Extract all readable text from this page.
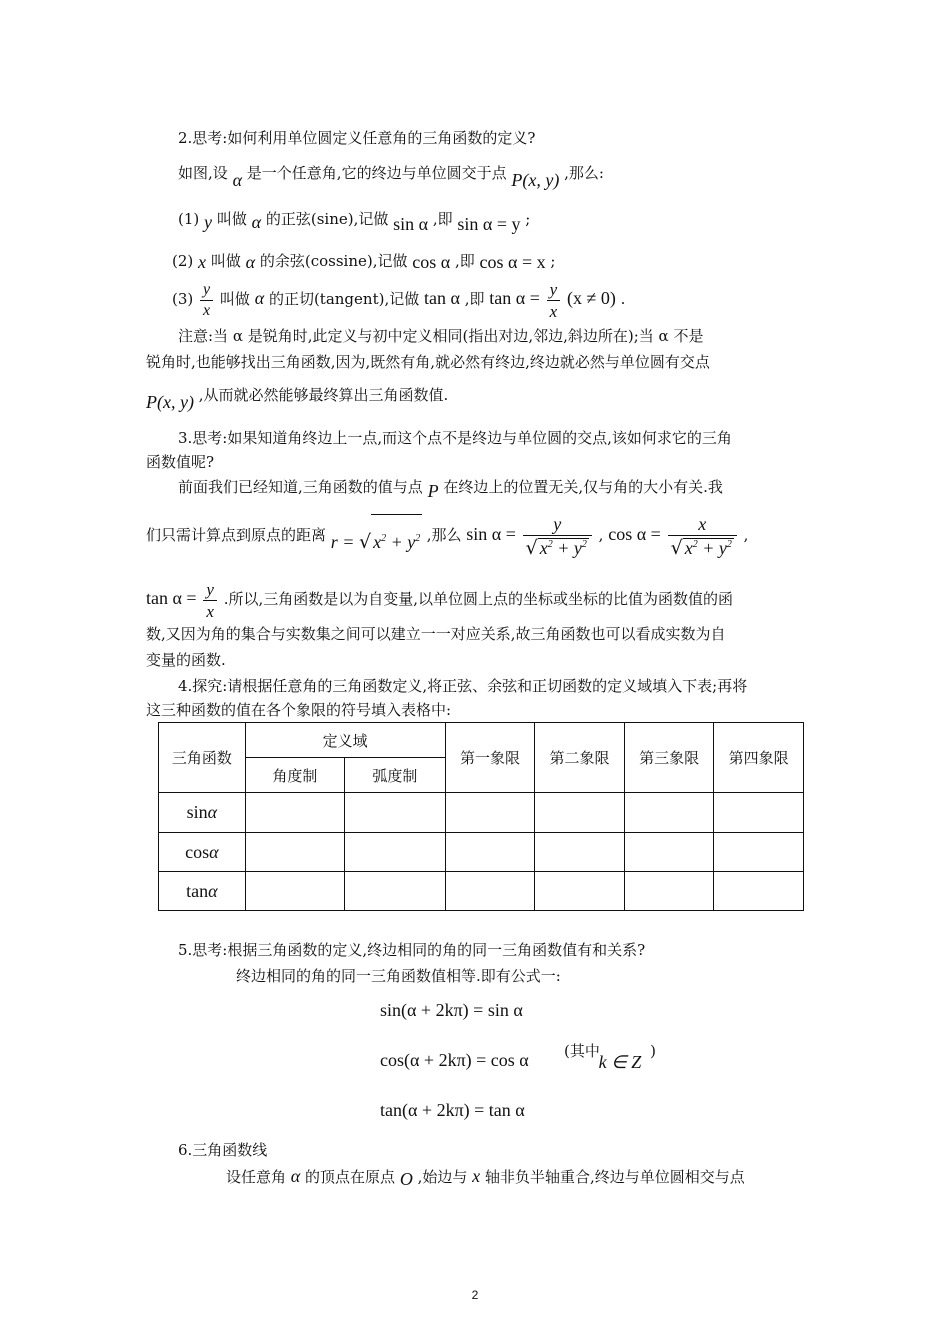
2.思考:如何利用单位圆定义任意角的三角函数的定义?
如图,设 α 是一个任意角,它的终边与单位圆交于点 P(x, y) ,那么:
(1) y 叫做 α 的正弦(sine),记做 sin α ,即 sin α = y ;
(2) x 叫做 α 的余弦(cossine),记做 cos α ,即 cos α = x ;
$(3) \frac{y}{x}$ 叫做 α 的正切(tangent),记做 tan α ,即 $\tan \alpha = \frac{y}{x} (x \ne 0)$ .
注意:当 α 是锐角时,此定义与初中定义相同(指出对边,邻边,斜边所在);当 α 不是
锐角时,也能够找出三角函数,因为,既然有角,就必然有终边,终边就必然与单位圆有交点
P(x, y) ,从而就必然能够最终算出三角函数值.
3.思考:如果知道角终边上一点,而这个点不是终边与单位圆的交点,该如何求它的三角
函数值呢?
前面我们已经知道,三角函数的值与点 P 在终边上的位置无关,仅与角的大小有关.我
们只需计算点到原点的距离 r = √ $x^2 + y^2$ ,那么 $\sin \alpha = \frac{y}{√ x^2 + y^2}$ , $\cos \alpha = \frac{x}{√ x^2 + y^2}$ ,
$\tan \alpha = \frac{y}{x}$ .所以,三角函数是以为自变量,以单位圆上点的坐标或坐标的比值为函数值的函
数,又因为角的集合与实数集之间可以建立一一对应关系,故三角函数也可以看成实数为自
变量的函数.
4.探究:请根据任意角的三角函数定义,将正弦、余弦和正切函数的定义域填入下表;再将
这三种函数的值在各个象限的符号填入表格中:
三角函数	定义域		第一象限	第二象限	第三象限	第四象限
	角度制	弧度制				
sinα						
cosα						
tanα						
5.思考:根据三角函数的定义,终边相同的角的同一三角函数值有和关系?
终边相同的角的同一三角函数值相等.即有公式一:
sin(α + 2kπ) = sin α
cos(α + 2kπ) = cos α (其中 k ∈ Z )
tan(α + 2kπ) = tan α
6.三角函数线
设任意角 α 的顶点在原点 O ,始边与 x 轴非负半轴重合,终边与单位圆相交与点
2
